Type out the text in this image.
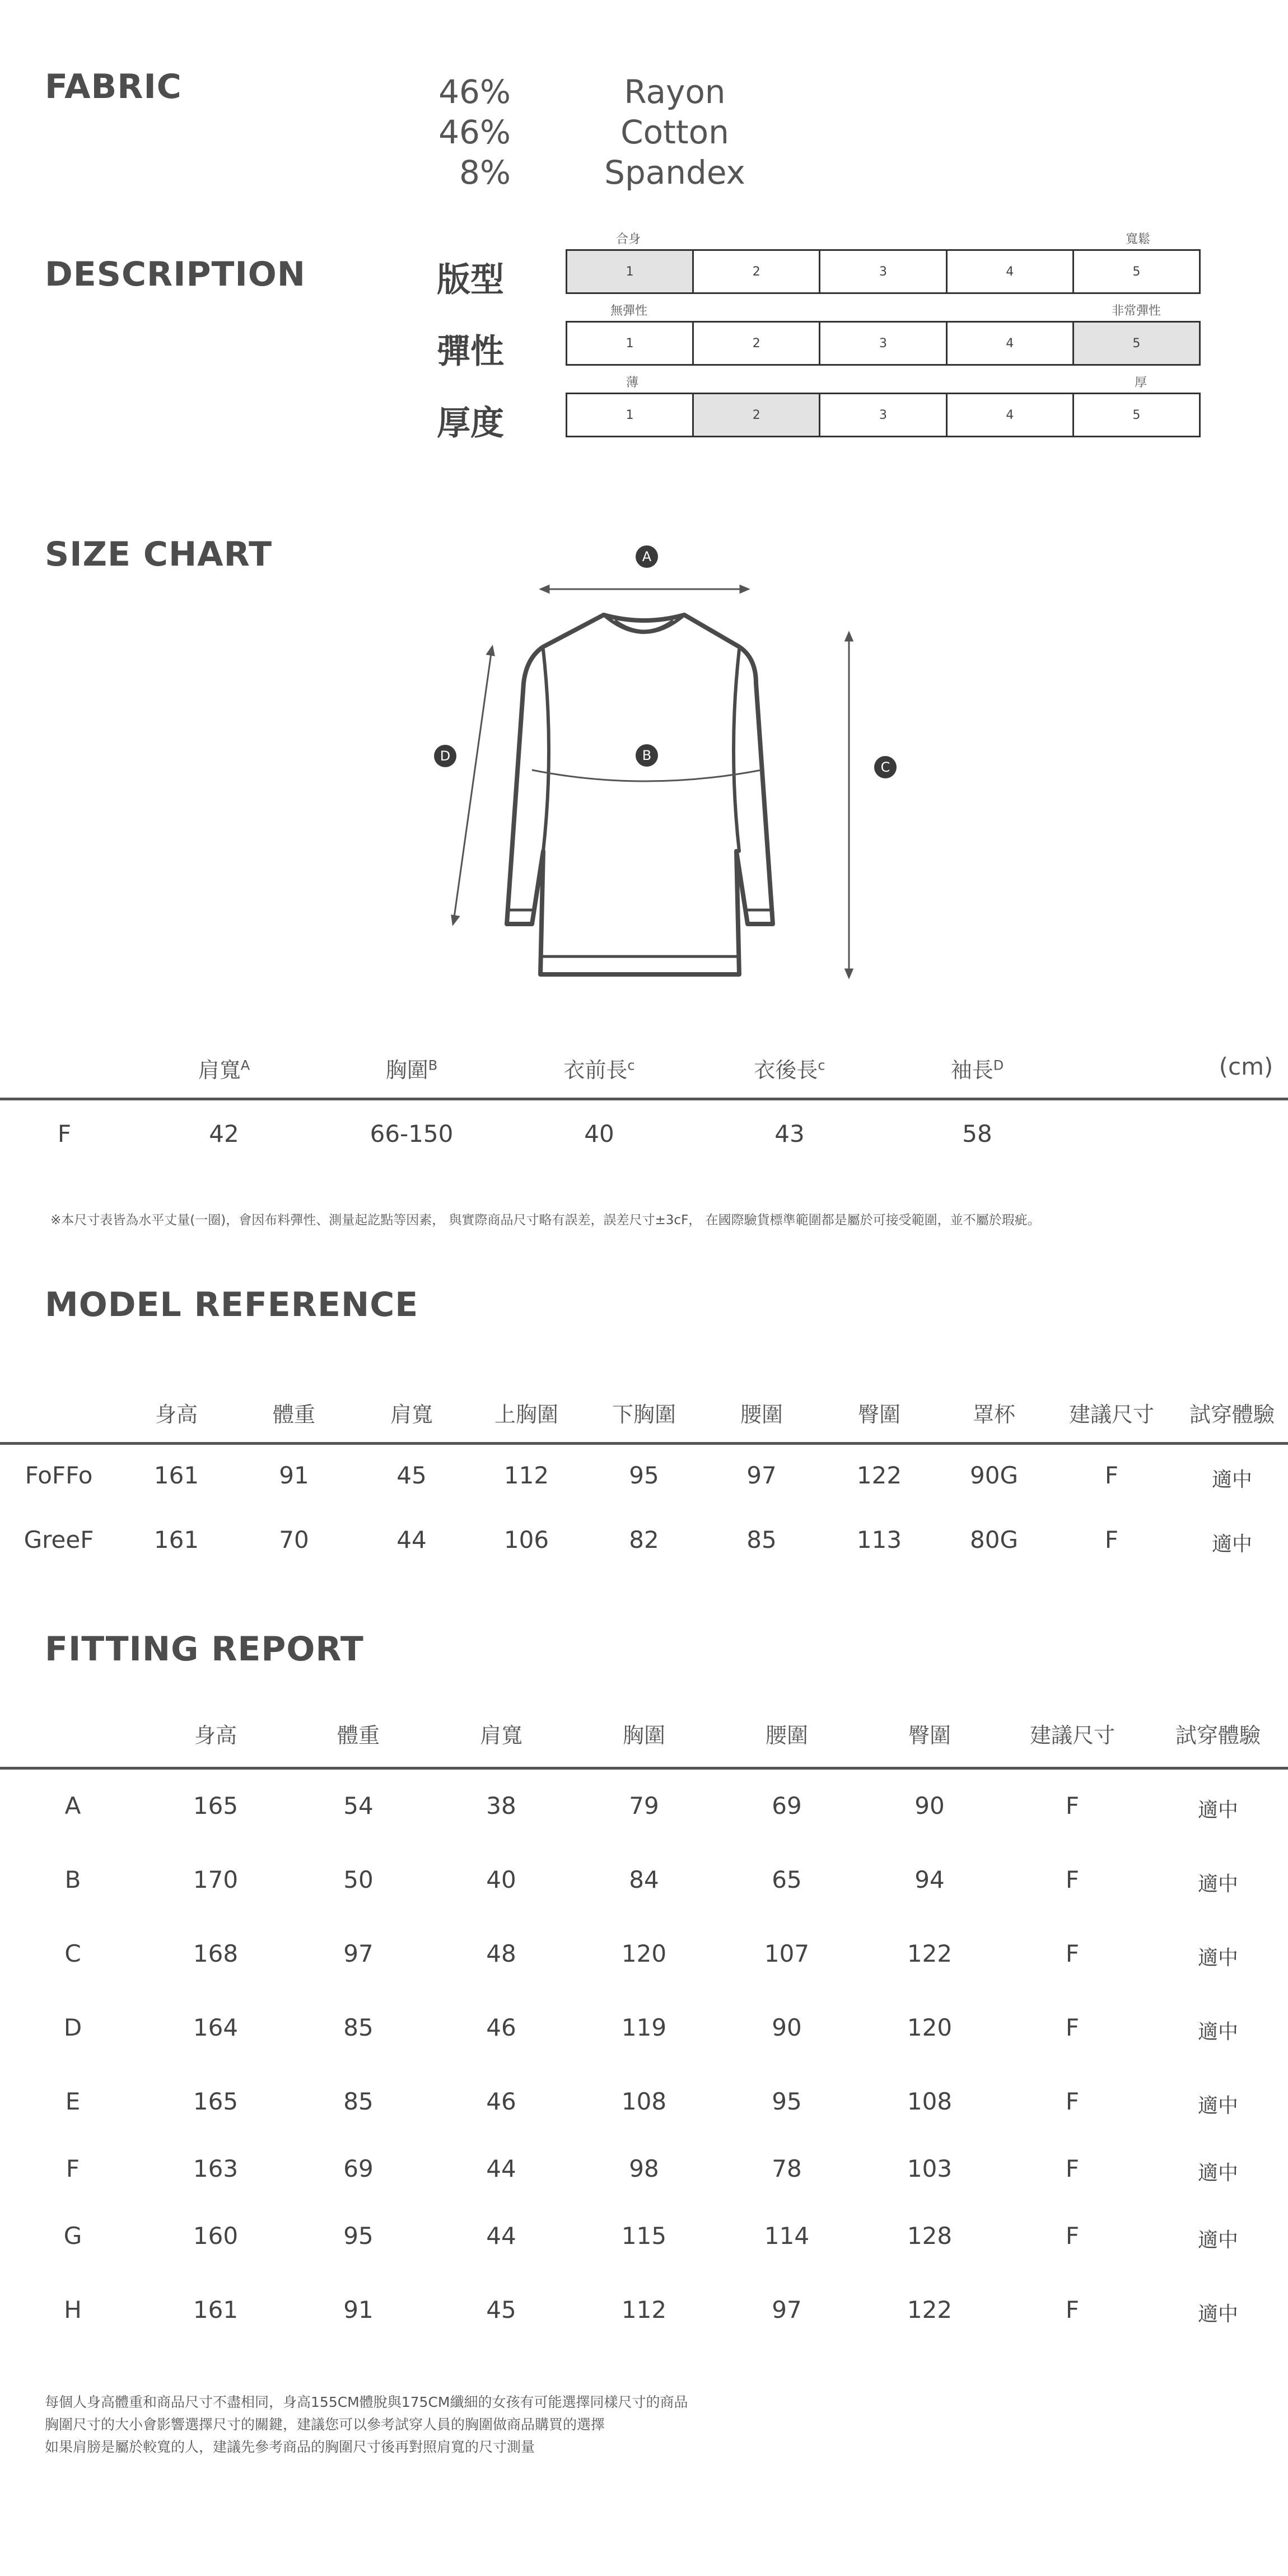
FABRIC	46%	Rayon
46%	Cotton
8%	Spandex
DESCRIPTION
合身	寬鬆
版型	1	2	3	4	5
無彈性	非常彈性
彈性	1	2	3	4	5
薄	厚
厚度	1	2	3	4	5
SIZE CHART	A
B
C
D
肩寬$^A$	胸圍$^B$	衣前長$^c$	衣後長$^c$	袖長$^D$	(cm)
F	42	66-150	40	43	58
※本尺寸表皆為水平丈量(一圈)，會因布料彈性、測量起訖點等因素， 與實際商品尺寸略有誤差，誤差尺寸±3cF， 在國際驗貨標準範圍都是屬於可接受範圍，並不屬於瑕疵。
MODEL REFERENCE
身高	體重	肩寬	上胸圍	下胸圍	腰圍	臀圍	罩杯	建議尺寸	試穿體驗
FoFFo	161	91	45	112	95	97	122	90G	F	適中
GreeF	161	70	44	106	82	85	113	80G	F	適中
FITTING REPORT
身高	體重	肩寬	胸圍	腰圍	臀圍	建議尺寸	試穿體驗
A	165	54	38	79	69	90	F	適中
B	170	50	40	84	65	94	F	適中
C	168	97	48	120	107	122	F	適中
D	164	85	46	119	90	120	F	適中
E	165	85	46	108	95	108	F	適中
F	163	69	44	98	78	103	F	適中
G	160	95	44	115	114	128	F	適中
H	161	91	45	112	97	122	F	適中
每個人身高體重和商品尺寸不盡相同，身高155CM體脫與175CM纖細的女孩有可能選擇同樣尺寸的商品
胸圍尺寸的大小會影響選擇尺寸的關鍵，建議您可以參考試穿人員的胸圍做商品購買的選擇
如果肩膀是屬於較寬的人，建議先參考商品的胸圍尺寸後再對照肩寬的尺寸測量
